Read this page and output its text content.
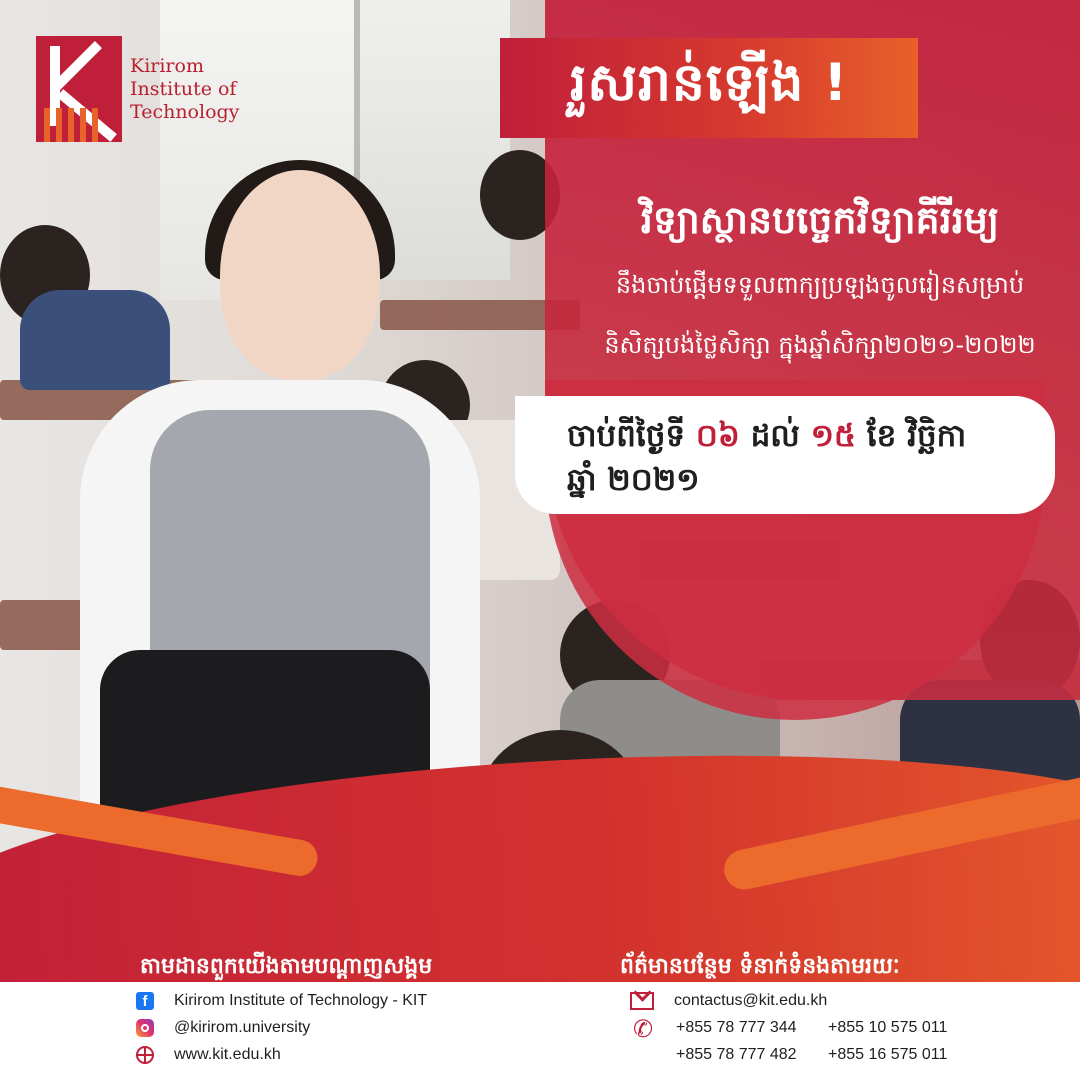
Kirirom
Institute of
Technology	រួសរាន់ឡើង !
វិទ្យាស្ថានបច្ចេកវិទ្យាគីរីរម្យ
នឹងចាប់ផ្តើមទទួលពាក្យប្រឡងចូលរៀនសម្រាប់
និសិត្សបង់ថ្លៃសិក្សា ក្នុងឆ្នាំសិក្សា២០២១-២០២២
ចាប់ពីថ្ងៃទី ០៦ ដល់ ១៥ ខែ វិច្ឆិកា
ឆ្នាំ ២០២១
តាមដានពួកយើងតាមបណ្តាញសង្គម	ព័ត៌មានបន្ថែម ទំនាក់ទំនងតាមរយៈ
f	Kirirom Institute of Technology - KIT
@kirirom.university
www.kit.edu.kh
contactus@kit.edu.kh
✆ +855 78 777 344	+855 10 575 011
+855 78 777 482	+855 16 575 011
